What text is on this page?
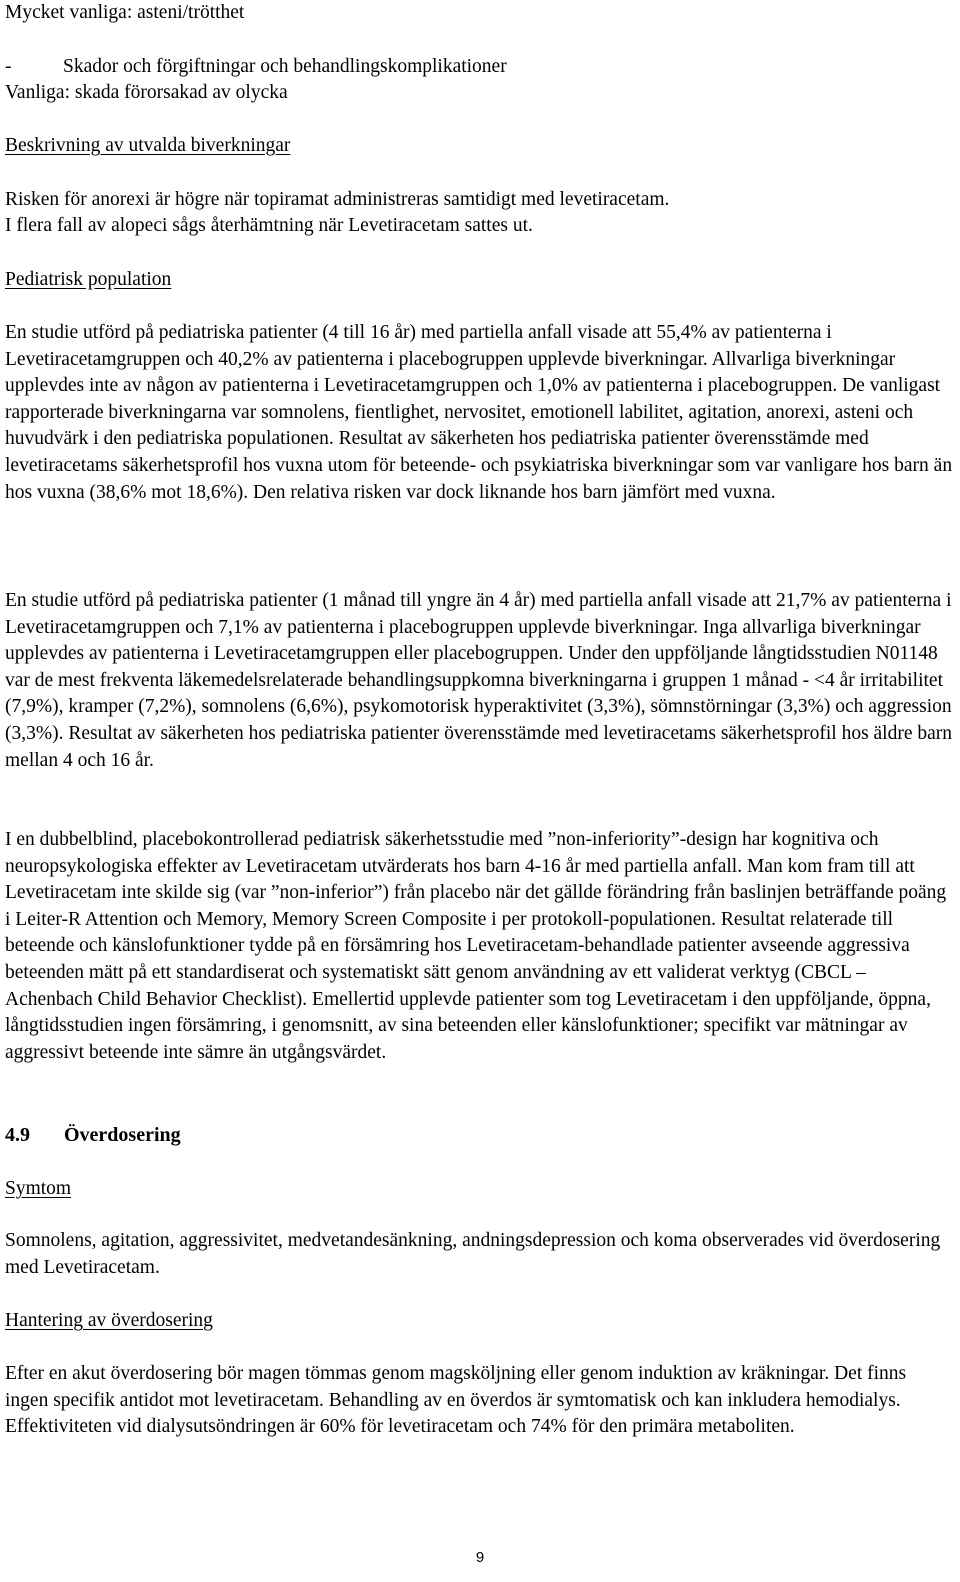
Mycket vanliga: asteni/trötthet
-	Skador och förgiftningar och behandlingskomplikationer
Vanliga: skada förorsakad av olycka
Beskrivning av utvalda biverkningar
Risken för anorexi är högre när topiramat administreras samtidigt med levetiracetam.
I flera fall av alopeci sågs återhämtning när Levetiracetam sattes ut.
Pediatrisk population
En studie utförd på pediatriska patienter (4 till 16 år) med partiella anfall visade att 55,4% av patienterna i Levetiracetamgruppen och 40,2% av patienterna i placebogruppen upplevde biverkningar. Allvarliga biverkningar upplevdes inte av någon av patienterna i Levetiracetamgruppen och 1,0% av patienterna i placebogruppen. De vanligast rapporterade biverkningarna var somnolens, fientlighet, nervositet, emotionell labilitet, agitation, anorexi, asteni och huvudvärk i den pediatriska populationen. Resultat av säkerheten hos pediatriska patienter överensstämde med levetiracetams säkerhetsprofil hos vuxna utom för beteende- och psykiatriska biverkningar som var vanligare hos barn än hos vuxna (38,6% mot 18,6%). Den relativa risken var dock liknande hos barn jämfört med vuxna.
En studie utförd på pediatriska patienter (1 månad till yngre än 4 år) med partiella anfall visade att 21,7% av patienterna i Levetiracetamgruppen och 7,1% av patienterna i placebogruppen upplevde biverkningar. Inga allvarliga biverkningar upplevdes av patienterna i Levetiracetamgruppen eller placebogruppen. Under den uppföljande långtidsstudien N01148 var de mest frekventa läkemedelsrelaterade behandlingsuppkomna biverkningarna i gruppen 1 månad - <4 år irritabilitet (7,9%), kramper (7,2%), somnolens (6,6%), psykomotorisk hyperaktivitet (3,3%), sömnstörningar (3,3%) och aggression (3,3%). Resultat av säkerheten hos pediatriska patienter överensstämde med levetiracetams säkerhetsprofil hos äldre barn mellan 4 och 16 år.
I en dubbelblind, placebokontrollerad pediatrisk säkerhetsstudie med ”non-inferiority”-design har kognitiva och neuropsykologiska effekter av Levetiracetam utvärderats hos barn 4-16 år med partiella anfall. Man kom fram till att Levetiracetam inte skilde sig (var ”non-inferior”) från placebo när det gällde förändring från baslinjen beträffande poäng i Leiter-R Attention och Memory, Memory Screen Composite i per protokoll-populationen. Resultat relaterade till beteende och känslofunktioner tydde på en försämring hos Levetiracetam-behandlade patienter avseende aggressiva beteenden mätt på ett standardiserat och systematiskt sätt genom användning av ett validerat verktyg (CBCL – Achenbach Child Behavior Checklist). Emellertid upplevde patienter som tog Levetiracetam i den uppföljande, öppna, långtidsstudien ingen försämring, i genomsnitt, av sina beteenden eller känslofunktioner; specifikt var mätningar av aggressivt beteende inte sämre än utgångsvärdet.
4.9 Överdosering
Symtom
Somnolens, agitation, aggressivitet, medvetandesänkning, andningsdepression och koma observerades vid överdosering med Levetiracetam.
Hantering av överdosering
Efter en akut överdosering bör magen tömmas genom magsköljning eller genom induktion av kräkningar. Det finns ingen specifik antidot mot levetiracetam. Behandling av en överdos är symtomatisk och kan inkludera hemodialys. Effektiviteten vid dialysutsöndringen är 60% för levetiracetam och 74% för den primära metaboliten.
9
